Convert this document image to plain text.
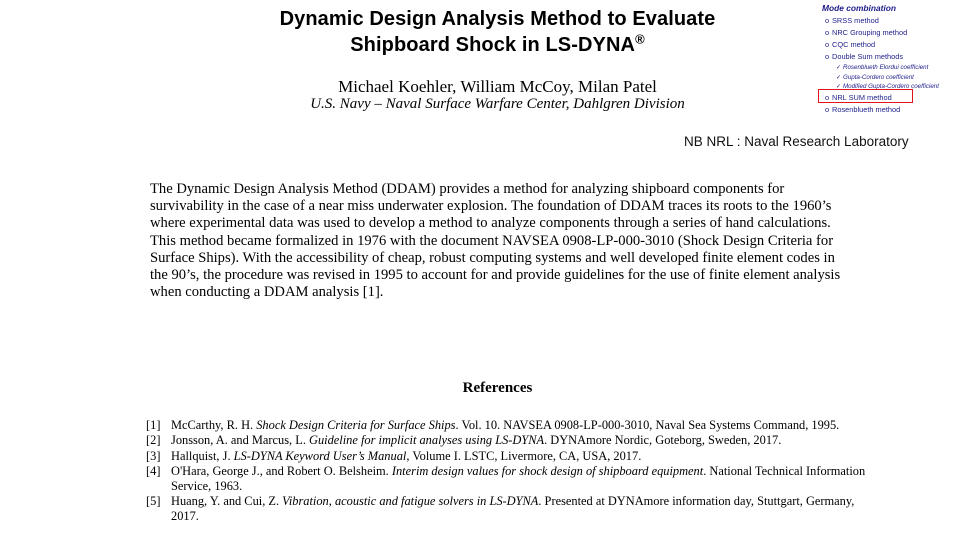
Dynamic Design Analysis Method to Evaluate
Shipboard Shock in LS-DYNA®
Michael Koehler, William McCoy, Milan Patel
U.S. Navy – Naval Surface Warfare Center, Dahlgren Division
NB NRL : Naval Research Laboratory
The Dynamic Design Analysis Method (DDAM) provides a method for analyzing shipboard components for survivability in the case of a near miss underwater explosion. The foundation of DDAM traces its roots to the 1960’s where experimental data was used to develop a method to analyze components through a series of hand calculations. This method became formalized in 1976 with the document NAVSEA 0908-LP-000-3010 (Shock Design Criteria for Surface Ships). With the accessibility of cheap, robust computing systems and well developed finite element codes in the 90’s, the procedure was revised in 1995 to account for and provide guidelines for the use of finite element analysis when conducting a DDAM analysis [1].
References
[1] McCarthy, R. H. Shock Design Criteria for Surface Ships. Vol. 10. NAVSEA 0908-LP-000-3010, Naval Sea Systems Command, 1995.
[2] Jonsson, A. and Marcus, L. Guideline for implicit analyses using LS-DYNA. DYNAmore Nordic, Goteborg, Sweden, 2017.
[3] Hallquist, J. LS-DYNA Keyword User’s Manual, Volume I. LSTC, Livermore, CA, USA, 2017.
[4] O'Hara, George J., and Robert O. Belsheim. Interim design values for shock design of shipboard equipment. National Technical Information Service, 1963.
[5] Huang, Y. and Cui, Z. Vibration, acoustic and fatigue solvers in LS-DYNA. Presented at DYNAmore information day, Stuttgart, Germany, 2017.
Mode combination
o SRSS method
o NRC Grouping method
o CQC method
o Double Sum methods
✓ Rosenblueth Elordui coefficient
✓ Gupta-Cordero coefficient
✓ Modified Gupta-Cordero coefficient
o NRL SUM method
o Rosenblueth method
